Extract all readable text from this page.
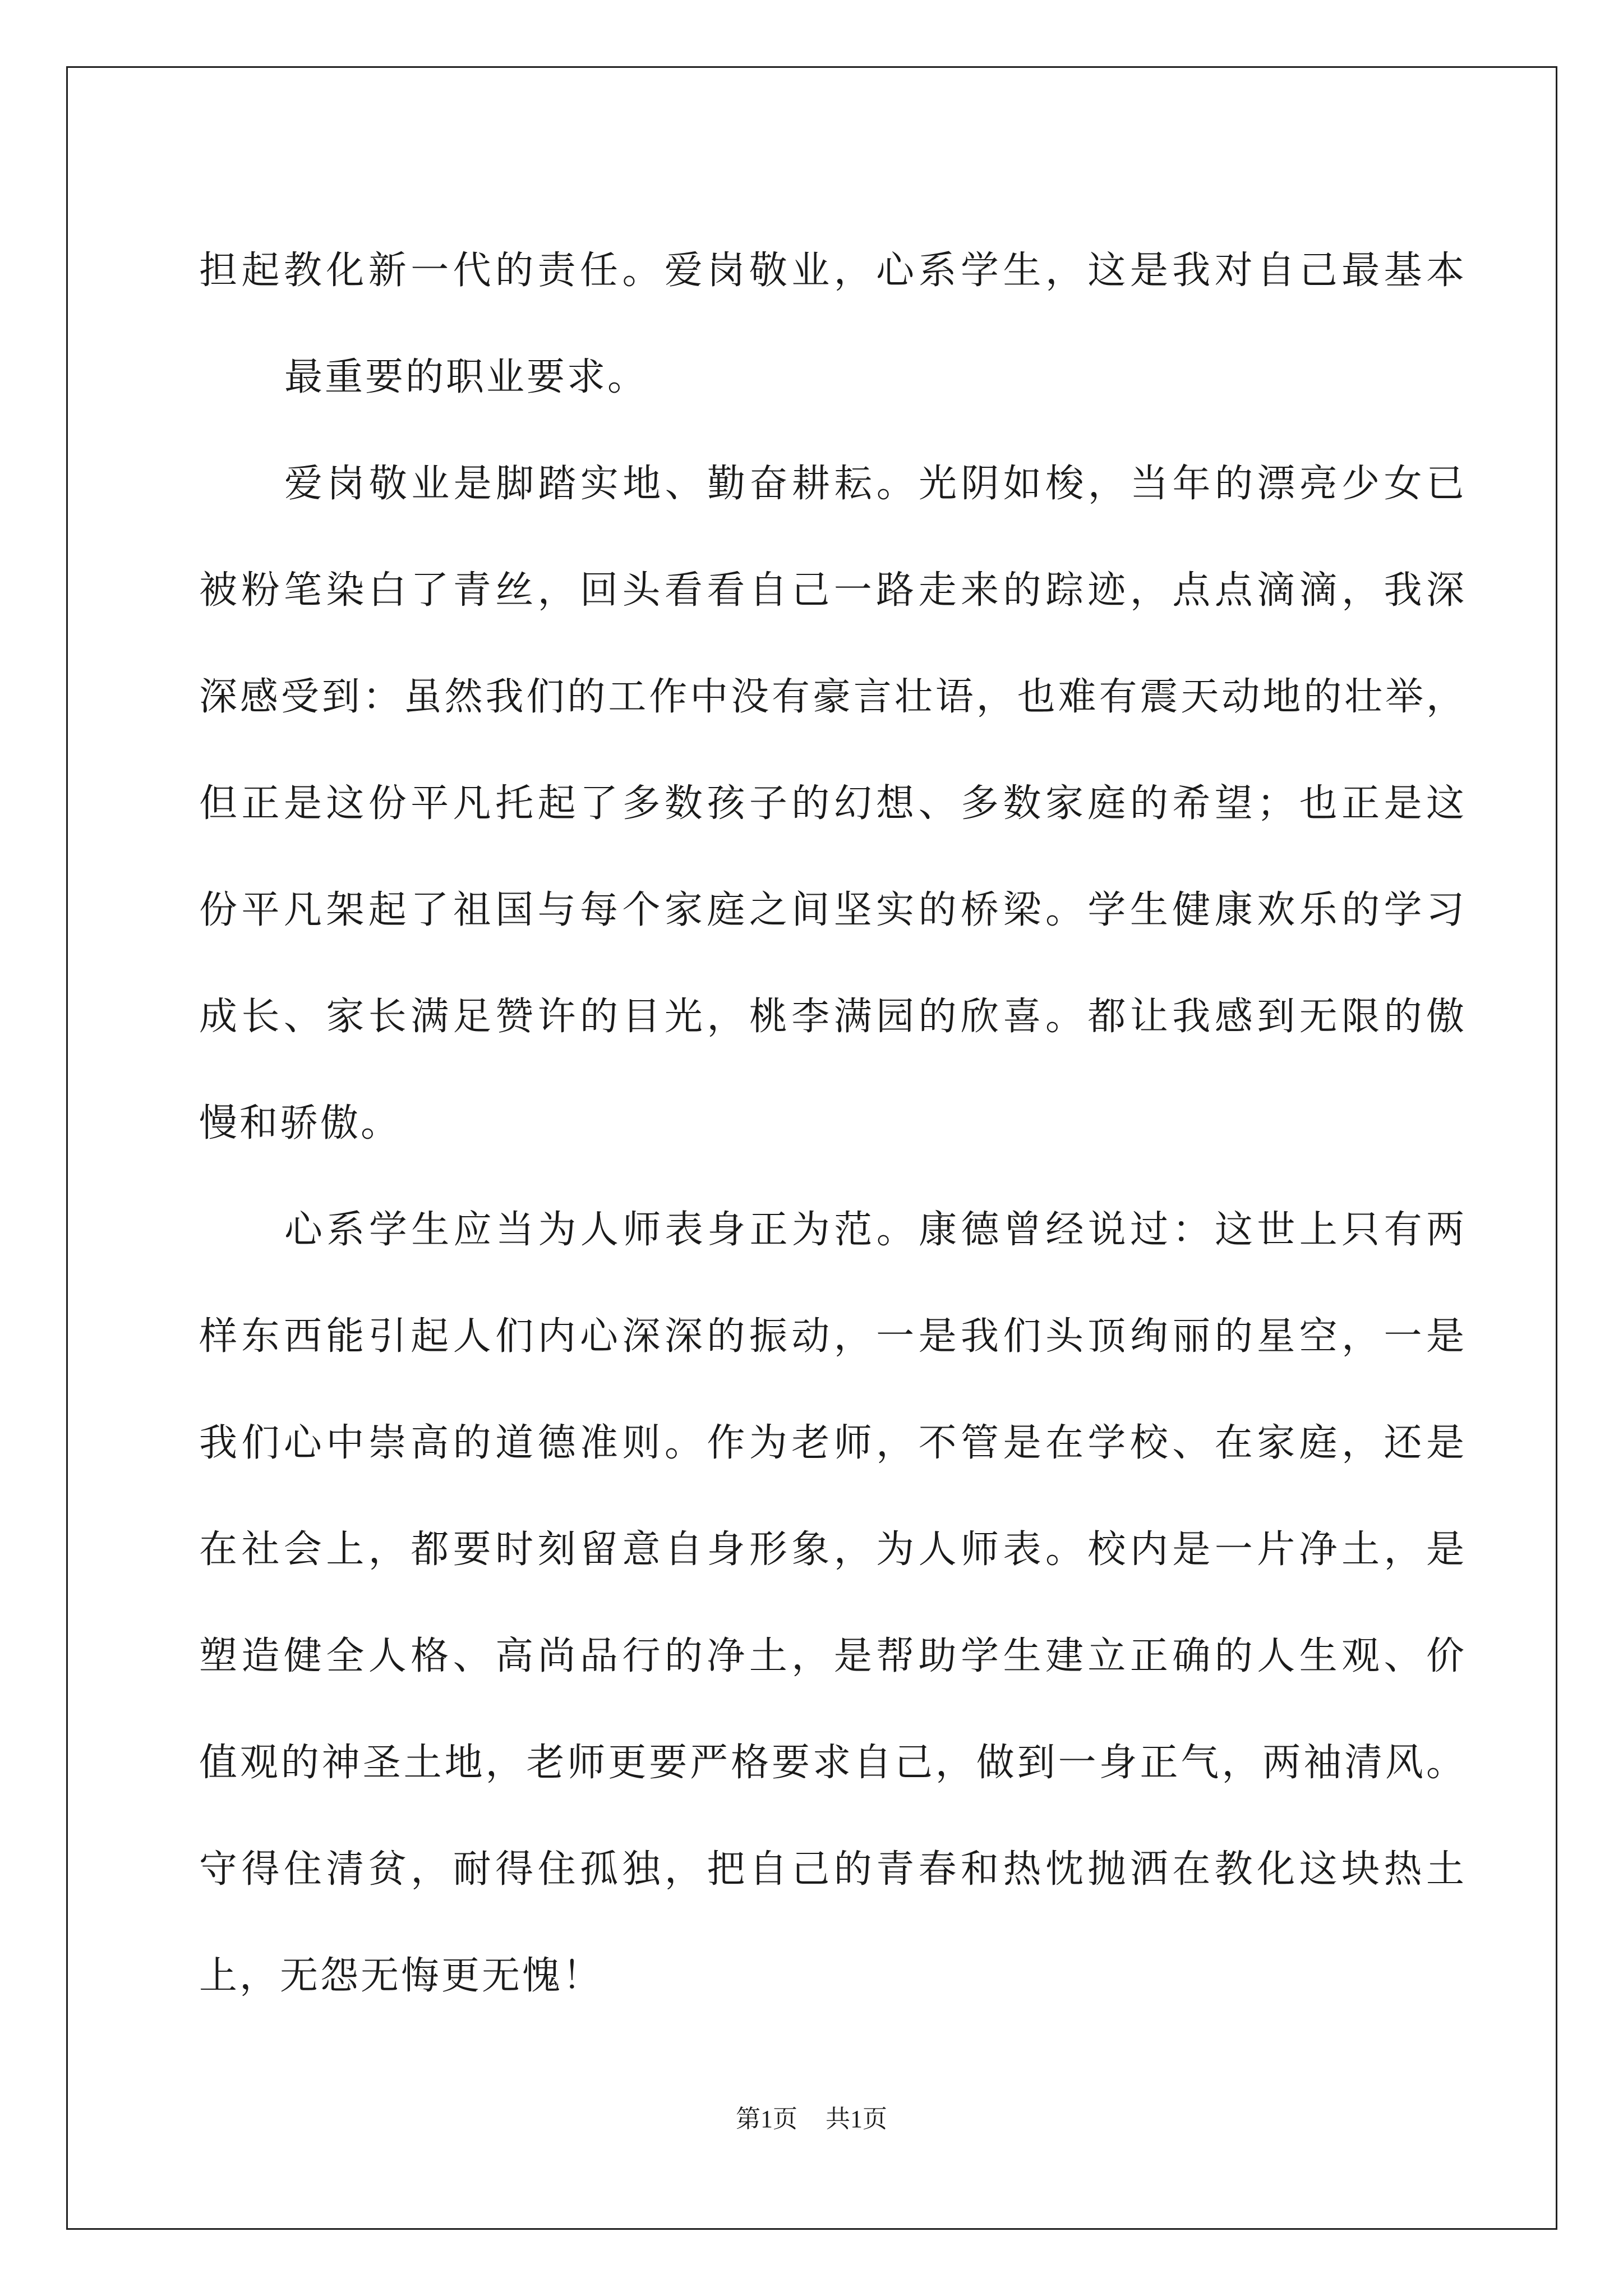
担起教化新一代的责任。爱岗敬业，心系学生，这是我对自己最基本
最重要的职业要求。
爱岗敬业是脚踏实地、勤奋耕耘。光阴如梭，当年的漂亮少女已
被粉笔染白了青丝，回头看看自己一路走来的踪迹，点点滴滴，我深
深感受到：虽然我们的工作中没有豪言壮语，也难有震天动地的壮举，
但正是这份平凡托起了多数孩子的幻想、多数家庭的希望；也正是这
份平凡架起了祖国与每个家庭之间坚实的桥梁。学生健康欢乐的学习
成长、家长满足赞许的目光，桃李满园的欣喜。都让我感到无限的傲
慢和骄傲。
心系学生应当为人师表身正为范。康德曾经说过：这世上只有两
样东西能引起人们内心深深的振动，一是我们头顶绚丽的星空，一是
我们心中崇高的道德准则。作为老师，不管是在学校、在家庭，还是
在社会上，都要时刻留意自身形象，为人师表。校内是一片净土，是
塑造健全人格、高尚品行的净土，是帮助学生建立正确的人生观、价
值观的神圣土地，老师更要严格要求自己，做到一身正气，两袖清风。
守得住清贫，耐得住孤独，把自己的青春和热忱抛洒在教化这块热土
上，无怨无悔更无愧！
第1页 共1页
